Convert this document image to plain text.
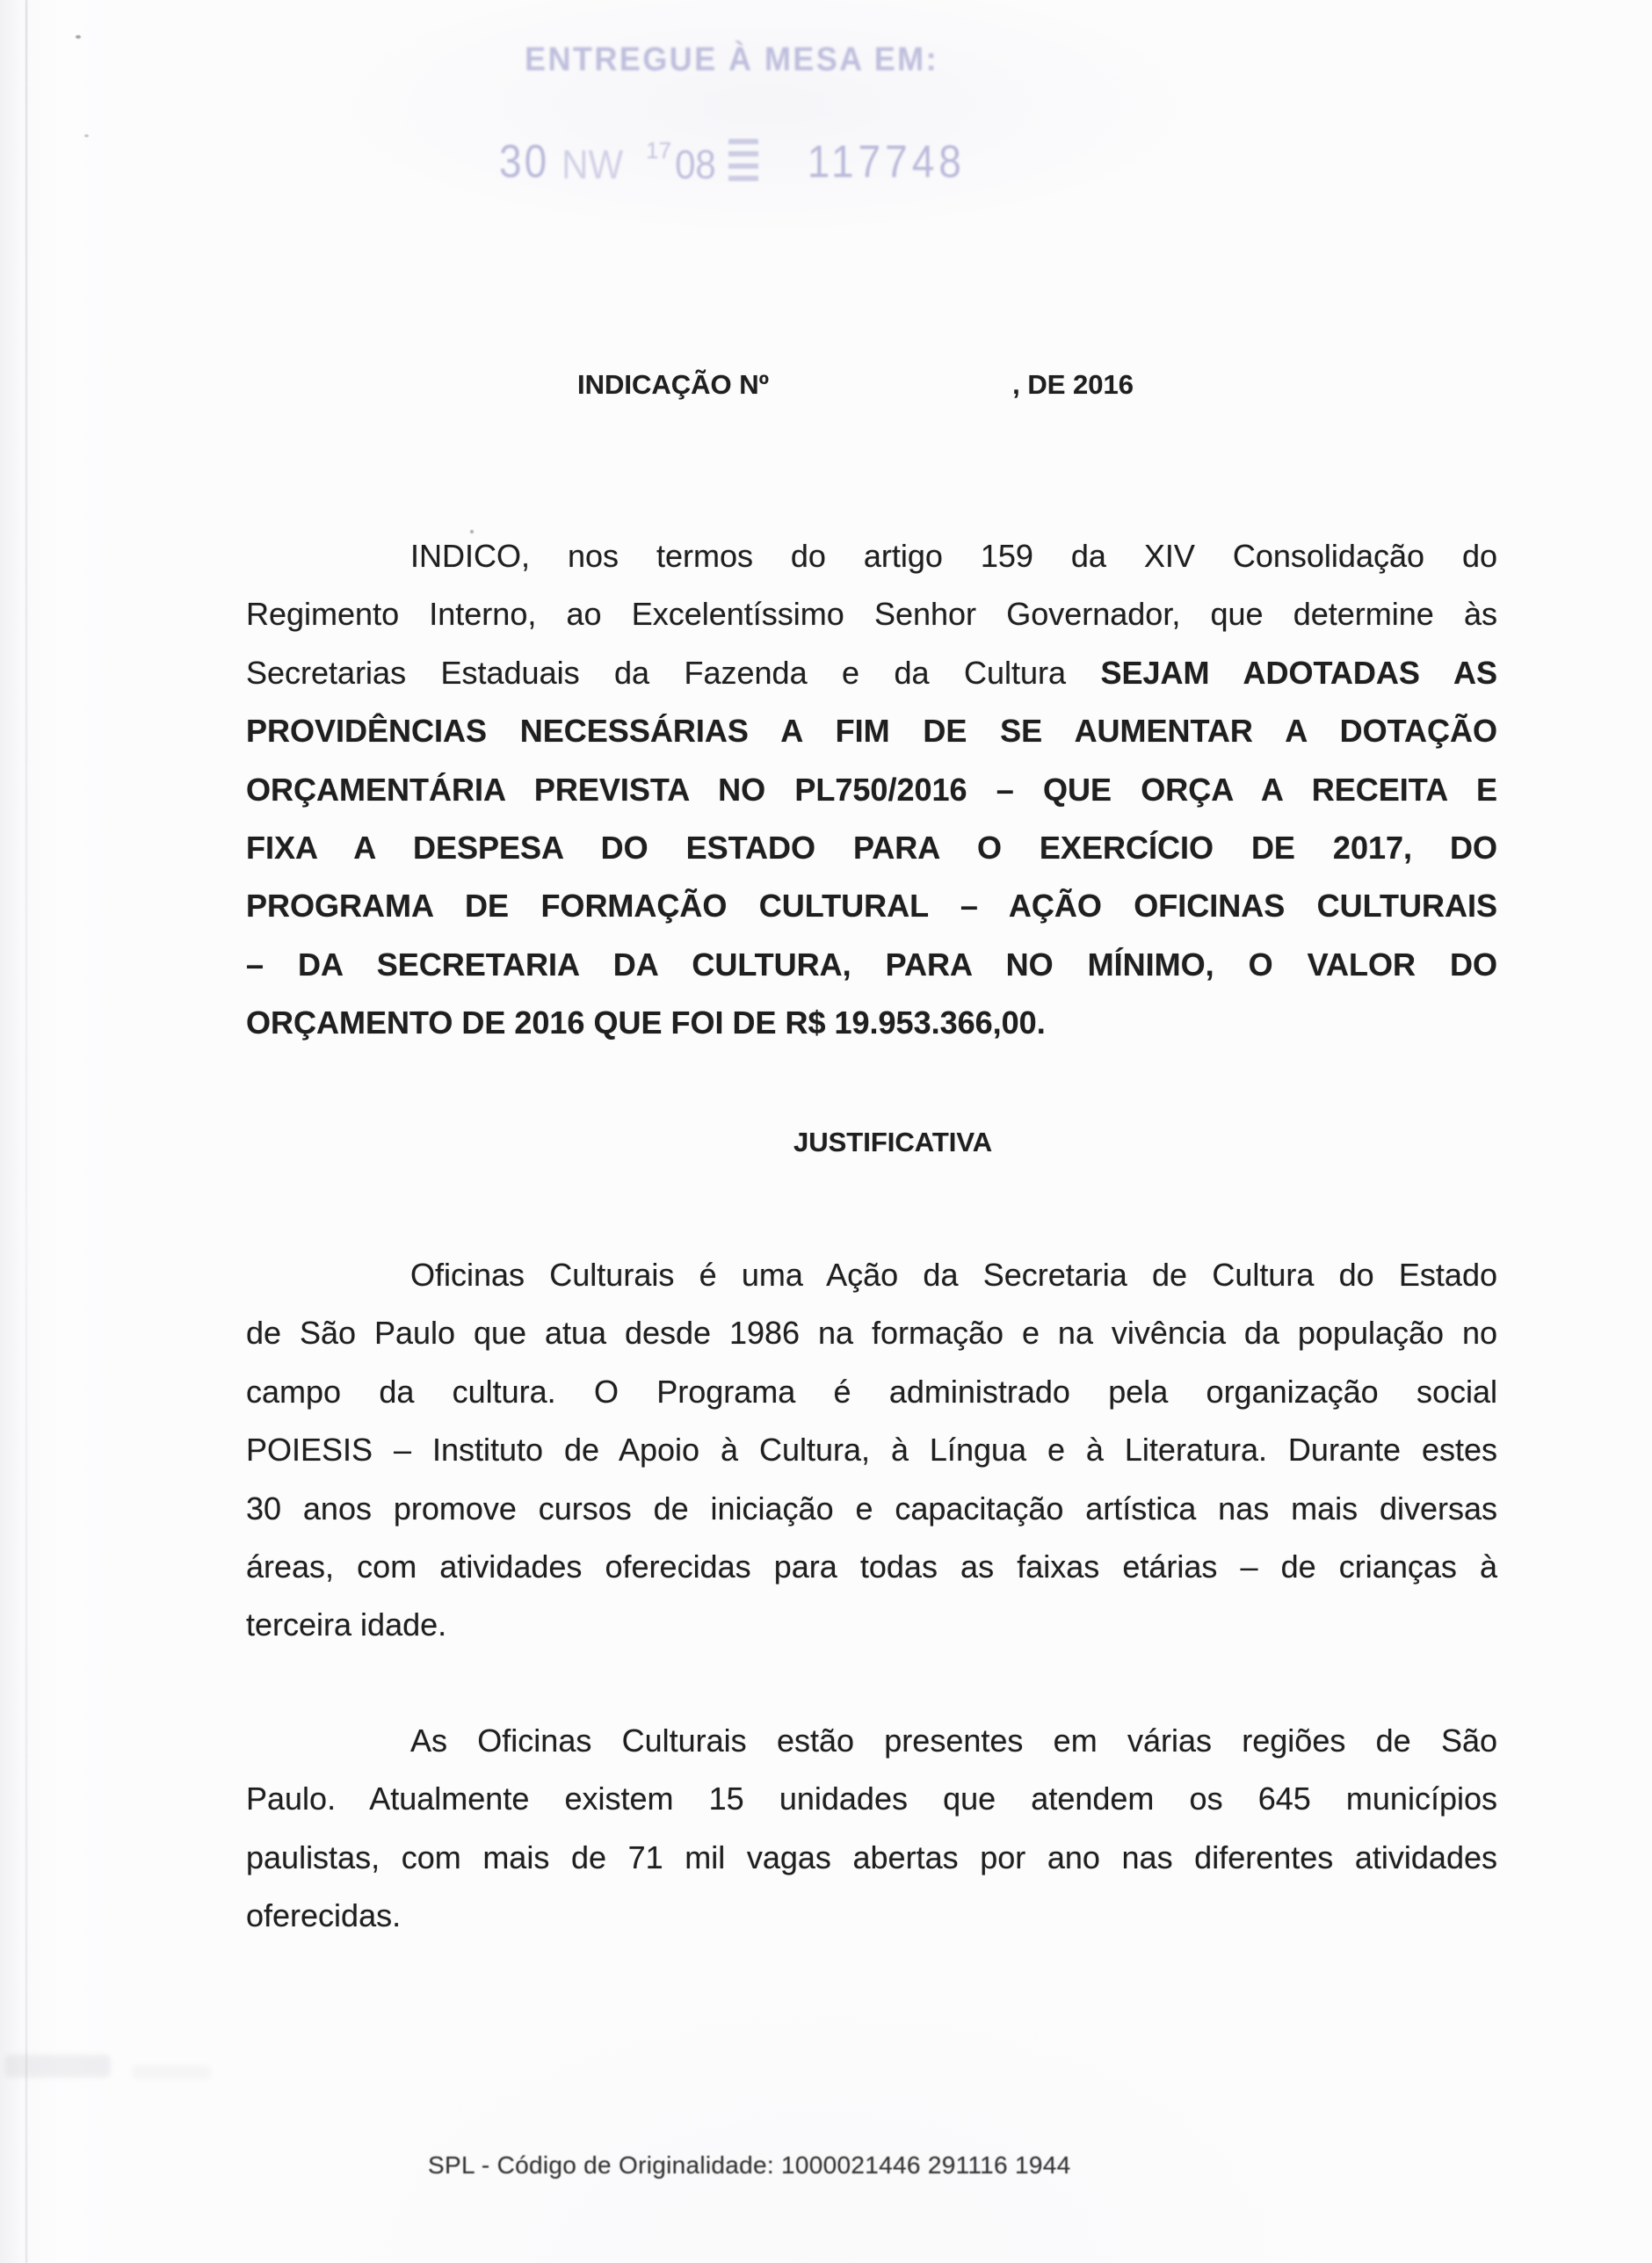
ENTREGUE À MESA EM:
30 NW 17 08 117748
INDICAÇÃO Nº	, DE 2016
INDICO, nos termos do artigo 159 da XIV Consolidação do
Regimento Interno, ao Excelentíssimo Senhor Governador, que determine às
Secretarias Estaduais da Fazenda e da Cultura SEJAM ADOTADAS AS
PROVIDÊNCIAS NECESSÁRIAS A FIM DE SE AUMENTAR A DOTAÇÃO
ORÇAMENTÁRIA PREVISTA NO PL750/2016 – QUE ORÇA A RECEITA E
FIXA A DESPESA DO ESTADO PARA O EXERCÍCIO DE 2017, DO
PROGRAMA DE FORMAÇÃO CULTURAL – AÇÃO OFICINAS CULTURAIS
– DA SECRETARIA DA CULTURA, PARA NO MÍNIMO, O VALOR DO
ORÇAMENTO DE 2016 QUE FOI DE R$ 19.953.366,00.
JUSTIFICATIVA
Oficinas Culturais é uma Ação da Secretaria de Cultura do Estado
de São Paulo que atua desde 1986 na formação e na vivência da população no
campo da cultura. O Programa é administrado pela organização social
POIESIS – Instituto de Apoio à Cultura, à Língua e à Literatura. Durante estes
30 anos promove cursos de iniciação e capacitação artística nas mais diversas
áreas, com atividades oferecidas para todas as faixas etárias – de crianças à
terceira idade.
As Oficinas Culturais estão presentes em várias regiões de São
Paulo. Atualmente existem 15 unidades que atendem os 645 municípios
paulistas, com mais de 71 mil vagas abertas por ano nas diferentes atividades
oferecidas.
SPL - Código de Originalidade: 1000021446 291116 1944
